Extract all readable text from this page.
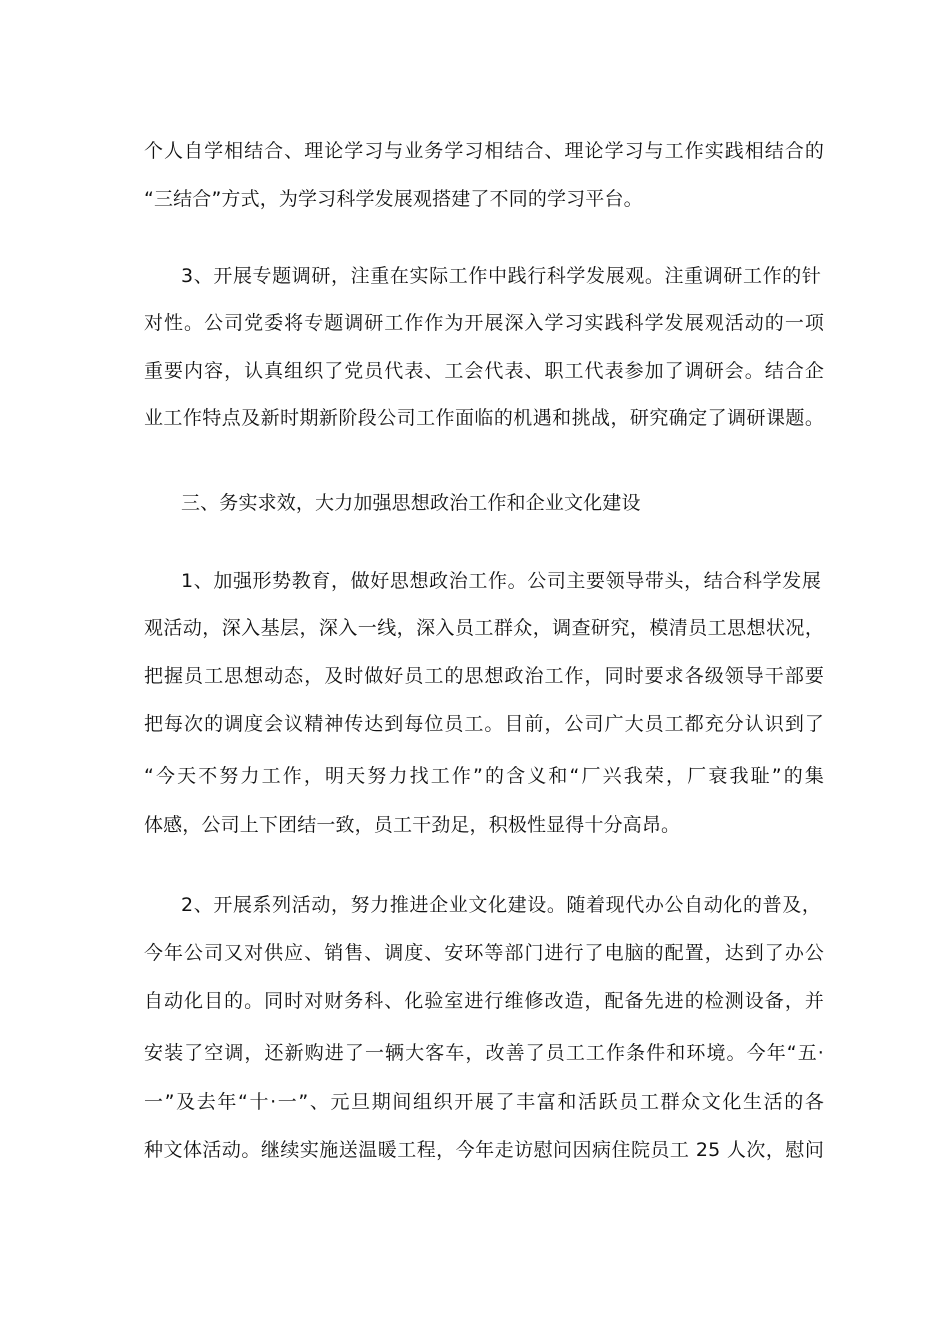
个人自学相结合、理论学习与业务学习相结合、理论学习与工作实践相结合的
“三结合”方式，为学习科学发展观搭建了不同的学习平台。
3、开展专题调研，注重在实际工作中践行科学发展观。注重调研工作的针
对性。公司党委将专题调研工作作为开展深入学习实践科学发展观活动的一项
重要内容，认真组织了党员代表、工会代表、职工代表参加了调研会。结合企
业工作特点及新时期新阶段公司工作面临的机遇和挑战，研究确定了调研课题。
三、务实求效，大力加强思想政治工作和企业文化建设
1、加强形势教育，做好思想政治工作。公司主要领导带头，结合科学发展
观活动，深入基层，深入一线，深入员工群众，调查研究，模清员工思想状况，
把握员工思想动态，及时做好员工的思想政治工作，同时要求各级领导干部要
把每次的调度会议精神传达到每位员工。目前，公司广大员工都充分认识到了
“今天不努力工作，明天努力找工作”的含义和“厂兴我荣，厂衰我耻”的集
体感，公司上下团结一致，员工干劲足，积极性显得十分高昂。
2、开展系列活动，努力推进企业文化建设。随着现代办公自动化的普及，
今年公司又对供应、销售、调度、安环等部门进行了电脑的配置，达到了办公
自动化目的。同时对财务科、化验室进行维修改造，配备先进的检测设备，并
安装了空调，还新购进了一辆大客车，改善了员工工作条件和环境。今年“五·
一”及去年“十·一”、元旦期间组织开展了丰富和活跃员工群众文化生活的各
种文体活动。继续实施送温暖工程，今年走访慰问因病住院员工 25 人次，慰问
